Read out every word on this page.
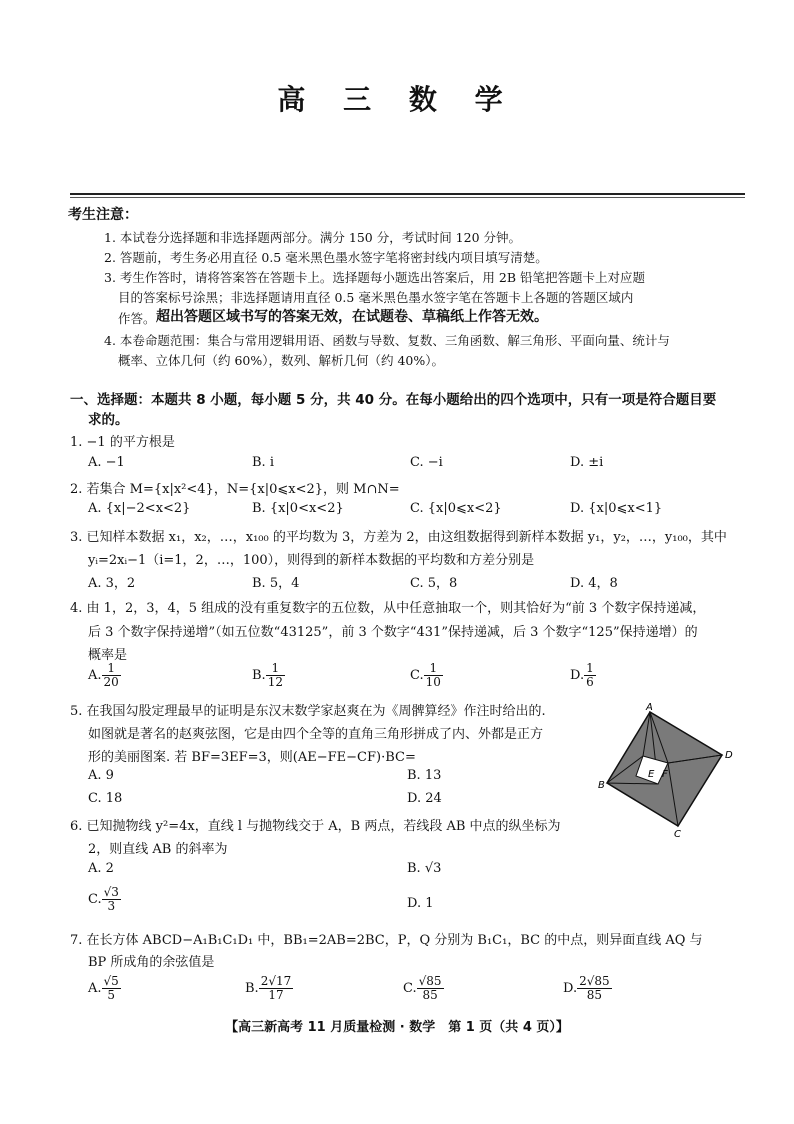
高 三 数 学
考生注意：
1. 本试卷分选择题和非选择题两部分。满分 150 分，考试时间 120 分钟。
2. 答题前，考生务必用直径 0.5 毫米黑色墨水签字笔将密封线内项目填写清楚。
3. 考生作答时，请将答案答在答题卡上。选择题每小题选出答案后，用 2B 铅笔把答题卡上对应题
目的答案标号涂黑；非选择题请用直径 0.5 毫米黑色墨水签字笔在答题卡上各题的答题区域内
作答。 超出答题区域书写的答案无效，在试题卷、草稿纸上作答无效。
4. 本卷命题范围：集合与常用逻辑用语、函数与导数、复数、三角函数、解三角形、平面向量、统计与
概率、立体几何（约 60%），数列、解析几何（约 40%）。
一、选择题：本题共 8 小题，每小题 5 分，共 40 分。在每小题给出的四个选项中，只有一项是符合题目要
求的。
1. −1 的平方根是
A. −1	B. i	C. −i	D. ±i
2. 若集合 M={x|x²<4}，N={x|0⩽x<2}，则 M∩N=
A. {x|−2<x<2}	B. {x|0<x<2}	C. {x|0⩽x<2}	D. {x|0⩽x<1}
3. 已知样本数据 x₁，x₂，…，x₁₀₀ 的平均数为 3，方差为 2，由这组数据得到新样本数据 y₁，y₂，…，y₁₀₀，其中
yᵢ=2xᵢ−1（i=1，2，…，100），则得到的新样本数据的平均数和方差分别是
A. 3，2	B. 5，4	C. 5，8	D. 4，8
4. 由 1，2，3，4，5 组成的没有重复数字的五位数，从中任意抽取一个，则其恰好为“前 3 个数字保持递减，
后 3 个数字保持递增”（如五位数“43125”，前 3 个数字“431”保持递减，后 3 个数字“125”保持递增）的
概率是
A. $\frac{1}{20}$	B. $\frac{1}{12}$	C. $\frac{1}{10}$	D. $\frac{1}{6}$
5. 在我国勾股定理最早的证明是东汉末数学家赵爽在为《周髀算经》作注时给出的.
如图就是著名的赵爽弦图，它是由四个全等的直角三角形拼成了内、外都是正方
形的美丽图案. 若 BF=3EF=3，则(AE−FE−CF)·BC=
A. 9	B. 13
C. 18	D. 24
A
D
B
C
E F
6. 已知抛物线 y²=4x，直线 l 与抛物线交于 A，B 两点，若线段 AB 中点的纵坐标为
2，则直线 AB 的斜率为
A. 2	B. √3
C. $\frac{√3}{3}$	D. 1
7. 在长方体 ABCD−A₁B₁C₁D₁ 中，BB₁=2AB=2BC，P，Q 分别为 B₁C₁，BC 的中点，则异面直线 AQ 与
BP 所成角的余弦值是
A. $\frac{√5}{5}$	B. $\frac{2√17}{17}$	C. $\frac{√85}{85}$	D. $\frac{2√85}{85}$
【高三新高考 11 月质量检测 · 数学　第 1 页（共 4 页）】
